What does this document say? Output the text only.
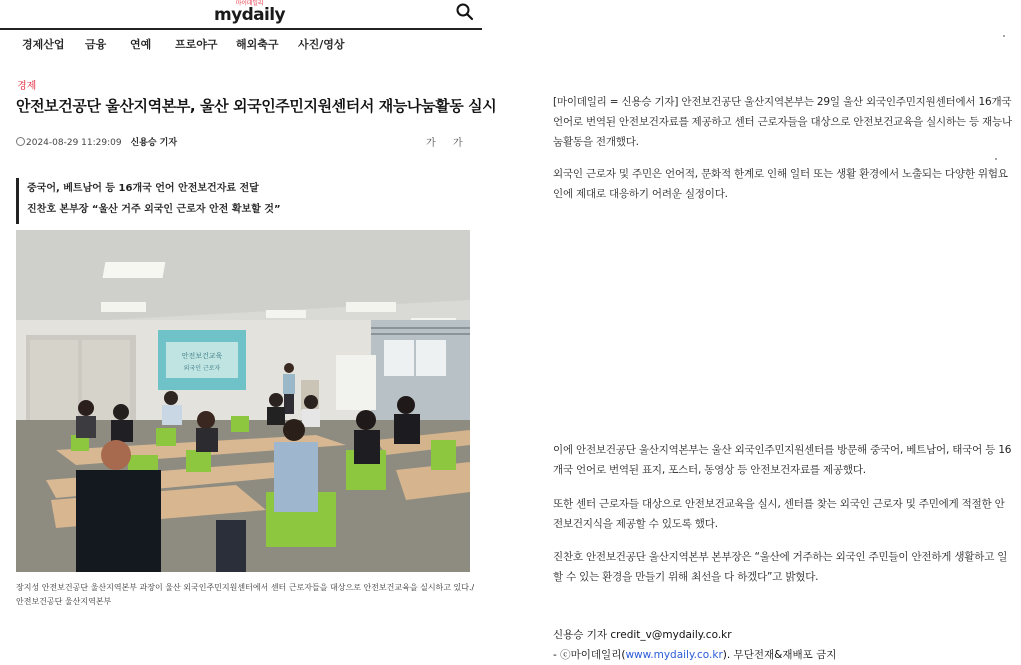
마이데일리
mydaily
경제산업 금융 연예 프로야구 해외축구 사진/영상
경제
안전보건공단 울산지역본부, 울산 외국인주민지원센터서 재능나눔활동 실시
2024-08-29 11:29:09 신용승 기자	가 가
중국어, 베트남어 등 16개국 언어 안전보건자료 전달
진찬호 본부장 “울산 거주 외국인 근로자 안전 확보할 것”
안전보건교육
외국인 근로자
장지성 안전보건공단 울산지역본부 과장이 울산 외국인주민지원센터에서 센터 근로자들을 대상으로 안전보건교육을 실시하고 있다./안전보건공단 울산지역본부
[마이데일리 = 신용승 기자] 안전보건공단 울산지역본부는 29일 울산 외국인주민지원센터에서 16개국 언어로 번역된 안전보건자료를 제공하고 센터 근로자들을 대상으로 안전보건교육을 실시하는 등 재능나눔활동을 전개했다.
외국인 근로자 및 주민은 언어적, 문화적 한계로 인해 일터 또는 생활 환경에서 노출되는 다양한 위험요인에 제대로 대응하기 어려운 실정이다.
이에 안전보건공단 울산지역본부는 울산 외국인주민지원센터를 방문해 중국어, 베트남어, 태국어 등 16개국 언어로 번역된 표지, 포스터, 동영상 등 안전보건자료를 제공했다.
또한 센터 근로자들 대상으로 안전보건교육을 실시, 센터를 찾는 외국인 근로자 및 주민에게 적절한 안전보건지식을 제공할 수 있도록 했다.
진찬호 안전보건공단 울산지역본부 본부장은 “울산에 거주하는 외국인 주민들이 안전하게 생활하고 일할 수 있는 환경을 만들기 위해 최선을 다 하겠다”고 밝혔다.
신용승 기자 credit_v@mydaily.co.kr
- ⓒ마이데일리(www.mydaily.co.kr). 무단전재&재배포 금지
